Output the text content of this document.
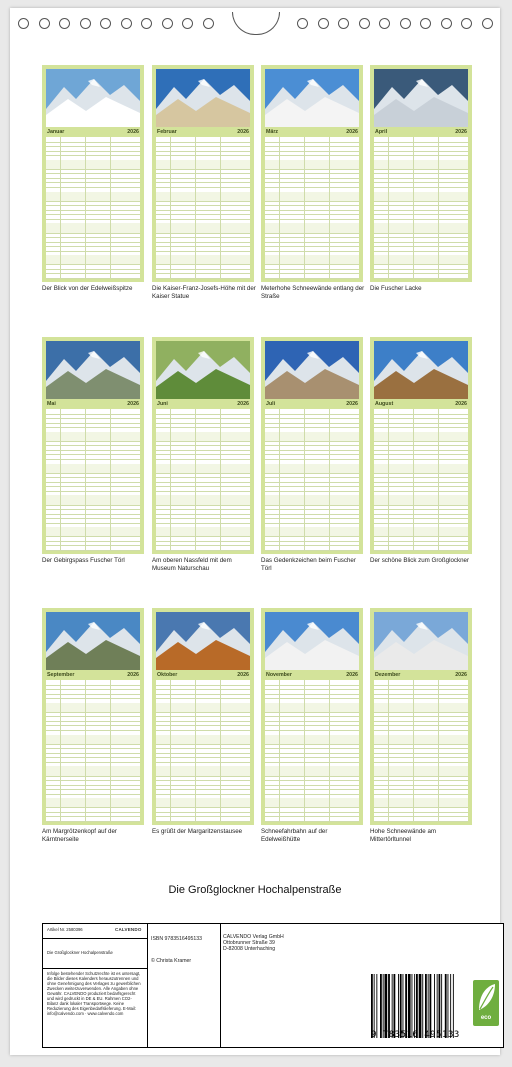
Januar	2026
Der Blick von der Edelweißspitze
Februar	2026
Die Kaiser-Franz-Josefs-Höhe mit der Kaiser Statue
März	2026
Meterhohe Schneewände entlang der Straße
April	2026
Die Fuscher Lacke
Mai	2026
Der Gebirgspass Fuscher Törl
Juni	2026
Am oberen Nassfeld mit dem Museum Naturschau
Juli	2026
Das Gedenkzeichen beim Fuscher Törl
August	2026
Der schöne Blick zum Großglockner
September	2026
Am Margrötzenkopf auf der Kärntnerseite
Oktober	2026
Es grüßt der Margaritzenstausee
November	2026
Schneefahrbahn auf der Edelweißhütte
Dezember	2026
Hohe Schneewände am Mittertörltunnel
Die Großglockner Hochalpenstraße
Artikel Nr. 2580396	CALVENDO
Die Großglockner Hochalpenstraße
Infolge bestehender Schutzrechte ist es untersagt, die Bilder dieses Kalenders herauszutrennen und ohne Genehmigung des Verlages zu gewerblichen Zwecken weiterzuverwenden. Alle Angaben ohne Gewähr. CALVENDO produziert bedarfsgerecht und wird gedruckt in DE & EU. Rahmen CO2-Bilanz dank lokaler Transportwege. Keine Reduzierung des Eigenbedarfslieferung. E-Mail: info@calvendo.com · www.calvendo.com
ISBN 9783516495133
© Christa Kramer
CALVENDO Verlag GmbH
Ottobrunner Straße 39
D-82008 Unterhaching
9 783516 495133
eco
